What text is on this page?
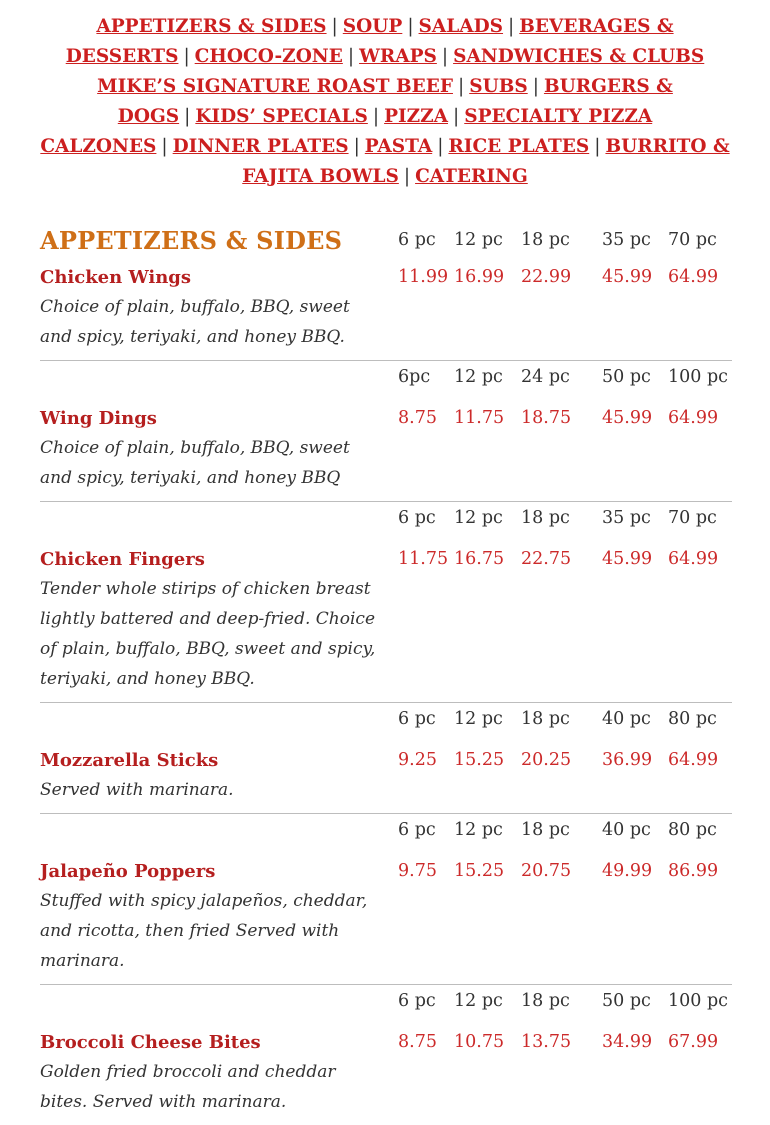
APPETIZERS & SIDES | SOUP | SALADS | BEVERAGES & DESSERTS | CHOCO-ZONE | WRAPS | SANDWICHES & CLUBS
MIKE’S SIGNATURE ROAST BEEF | SUBS | BURGERS & DOGS | KIDS’ SPECIALS | PIZZA | SPECIALTY PIZZA
CALZONES | DINNER PLATES | PASTA | RICE PLATES | BURRITO & FAJITA BOWLS | CATERING
APPETIZERS & SIDES	6 pc	12 pc	18 pc	35 pc 70 pc
Chicken Wings	11.99 16.99 22.99	45.99 64.99
Choice of plain, buffalo, BBQ, sweet and spicy, teriyaki, and honey BBQ.
6pc	12 pc	24 pc	50 pc 100 pc
Wing Dings	8.75 11.75 18.75	45.99 64.99
Choice of plain, buffalo, BBQ, sweet and spicy, teriyaki, and honey BBQ
6 pc	12 pc	18 pc	35 pc 70 pc
Chicken Fingers	11.75 16.75 22.75	45.99 64.99
Tender whole stirips of chicken breast lightly battered and deep-fried. Choice of plain, buffalo, BBQ, sweet and spicy, teriyaki, and honey BBQ.
6 pc	12 pc	18 pc	40 pc 80 pc
Mozzarella Sticks	9.25 15.25 20.25	36.99 64.99
Served with marinara.
6 pc	12 pc	18 pc	40 pc 80 pc
Jalapeño Poppers	9.75 15.25 20.75	49.99 86.99
Stuffed with spicy jalapeños, cheddar, and ricotta, then fried Served with marinara.
6 pc	12 pc	18 pc	50 pc 100 pc
Broccoli Cheese Bites	8.75 10.75 13.75	34.99 67.99
Golden fried broccoli and cheddar bites. Served with marinara.
